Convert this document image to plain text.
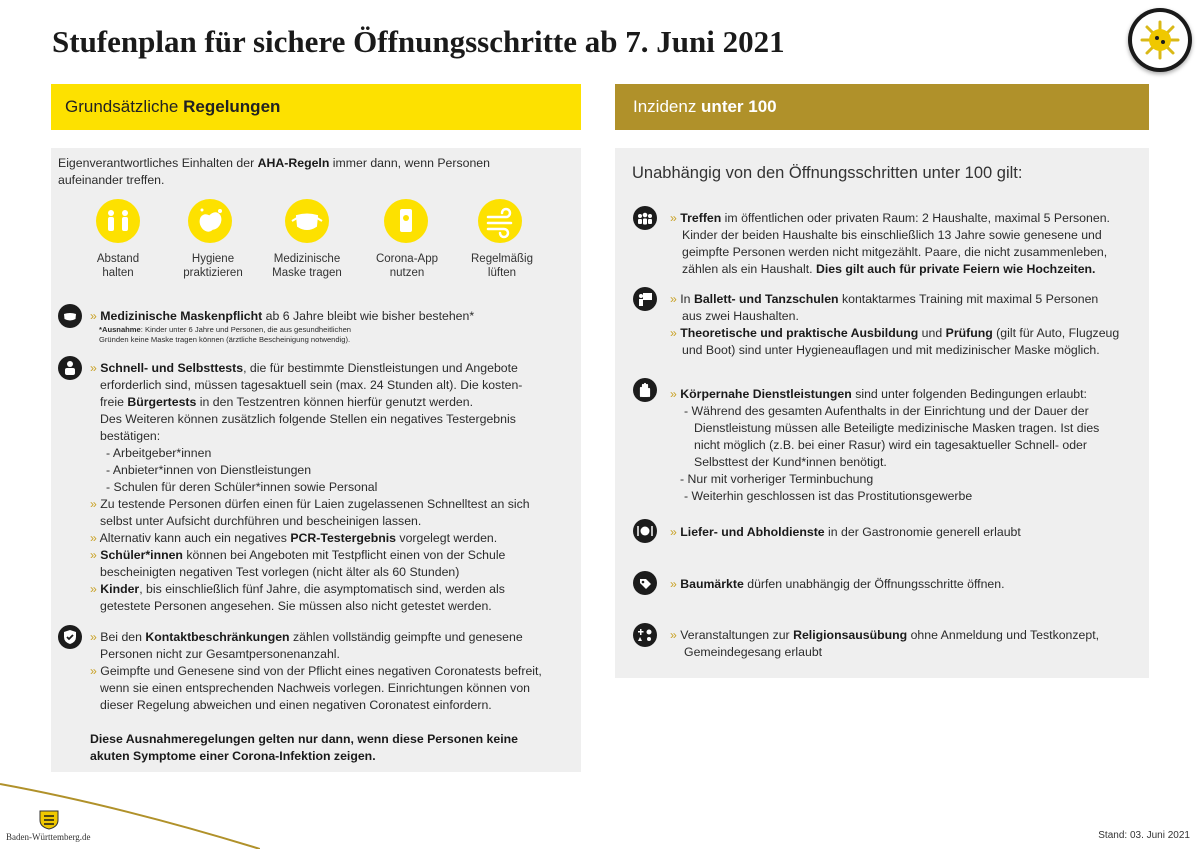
Stufenplan für sichere Öffnungsschritte ab 7. Juni 2021
Grundsätzliche Regelungen	Inzidenz unter 100
Eigenverantwortliches Einhalten der AHA-Regeln immer dann, wenn Personen
aufeinander treffen.
Abstand
halten
Hygiene
praktizieren
Medizinische
Maske tragen
Corona-App
nutzen
Regelmäßig
lüften
» Medizinische Maskenpflicht ab 6 Jahre bleibt wie bisher bestehen*
*Ausnahme: Kinder unter 6 Jahre und Personen, die aus gesundheitlichen
Gründen keine Maske tragen können (ärztliche Bescheinigung notwendig).
» Schnell- und Selbsttests, die für bestimmte Dienstleistungen und Angebote
erforderlich sind, müssen tagesaktuell sein (max. 24 Stunden alt). Die kosten-
freie Bürgertests in den Testzentren können hierfür genutzt werden.
Des Weiteren können zusätzlich folgende Stellen ein negatives Testergebnis
bestätigen:
- Arbeitgeber*innen
- Anbieter*innen von Dienstleistungen
- Schulen für deren Schüler*innen sowie Personal
» Zu testende Personen dürfen einen für Laien zugelassenen Schnelltest an sich
selbst unter Aufsicht durchführen und bescheinigen lassen.
» Alternativ kann auch ein negatives PCR-Testergebnis vorgelegt werden.
» Schüler*innen können bei Angeboten mit Testpflicht einen von der Schule
bescheinigten negativen Test vorlegen (nicht älter als 60 Stunden)
» Kinder, bis einschließlich fünf Jahre, die asymptomatisch sind, werden als
getestete Personen angesehen. Sie müssen also nicht getestet werden.
» Bei den Kontaktbeschränkungen zählen vollständig geimpfte und genesene
Personen nicht zur Gesamtpersonenanzahl.
» Geimpfte und Genesene sind von der Pflicht eines negativen Coronatests befreit,
wenn sie einen entsprechenden Nachweis vorlegen. Einrichtungen können von
dieser Regelung abweichen und einen negativen Coronatest einfordern.
Diese Ausnahmeregelungen gelten nur dann, wenn diese Personen keine
akuten Symptome einer Corona-Infektion zeigen.
Unabhängig von den Öffnungsschritten unter 100 gilt:
» Treffen im öffentlichen oder privaten Raum: 2 Haushalte, maximal 5 Personen.
Kinder der beiden Haushalte bis einschließlich 13 Jahre sowie genesene und
geimpfte Personen werden nicht mitgezählt. Paare, die nicht zusammenleben,
zählen als ein Haushalt. Dies gilt auch für private Feiern wie Hochzeiten.
» In Ballett- und Tanzschulen kontaktarmes Training mit maximal 5 Personen
aus zwei Haushalten.
» Theoretische und praktische Ausbildung und Prüfung (gilt für Auto, Flugzeug
und Boot) sind unter Hygieneauflagen und mit medizinischer Maske möglich.
» Körpernahe Dienstleistungen sind unter folgenden Bedingungen erlaubt:
- Während des gesamten Aufenthalts in der Einrichtung und der Dauer der
Dienstleistung müssen alle Beteiligte medizinische Masken tragen. Ist dies
nicht möglich (z.B. bei einer Rasur) wird ein tagesaktueller Schnell- oder
Selbsttest der Kund*innen benötigt.
- Nur mit vorheriger Terminbuchung
- Weiterhin geschlossen ist das Prostitutionsgewerbe
» Liefer- und Abholdienste in der Gastronomie generell erlaubt
» Baumärkte dürfen unabhängig der Öffnungsschritte öffnen.
» Veranstaltungen zur Religionsausübung ohne Anmeldung und Testkonzept,
Gemeindegesang erlaubt
Baden-Württemberg.de	Stand: 03. Juni 2021
